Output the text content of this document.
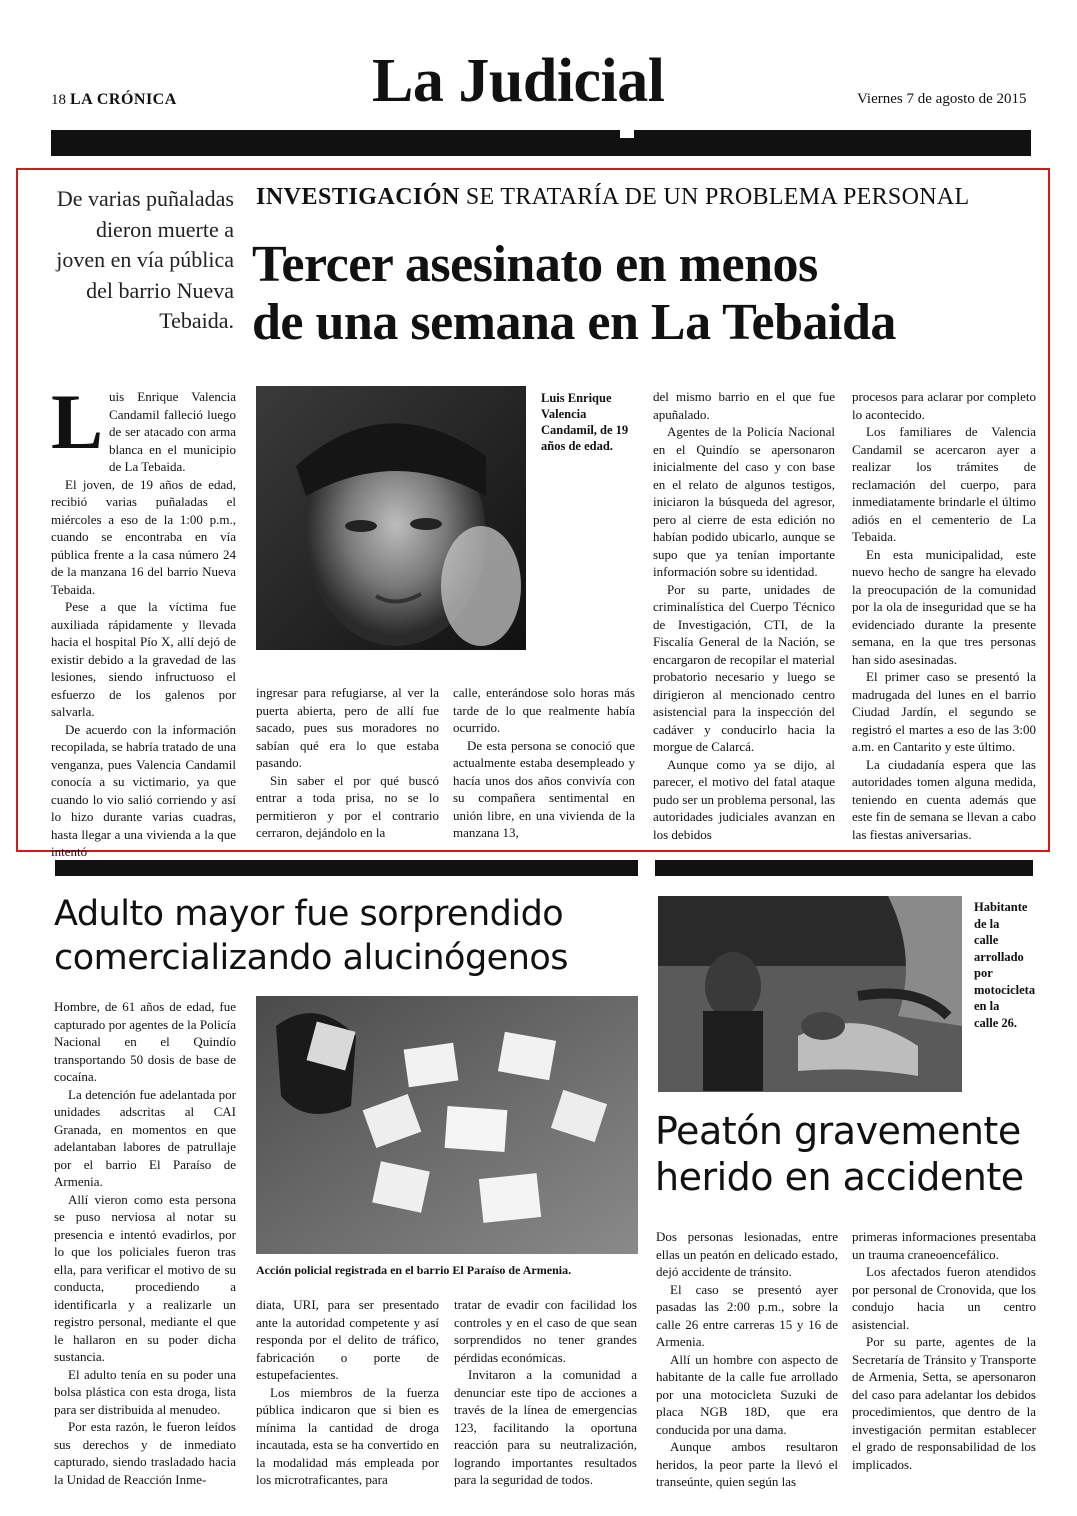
18 LA CRÓNICA	La Judicial	Viernes 7 de agosto de 2015
De varias puñaladas dieron muerte a joven en vía pública del barrio Nueva Tebaida.
INVESTIGACIÓN SE TRATARÍA DE UN PROBLEMA PERSONAL
Tercer asesinato en menos
de una semana en La Tebaida
Luis Enrique Valencia Candamil, de 19 años de edad.
L uis Enrique Valencia Candamil falleció luego de ser atacado con arma blanca en el municipio de La Tebaida.

El joven, de 19 años de edad, recibió varias puñaladas el miércoles a eso de la 1:00 p.m., cuando se encontraba en vía pública frente a la casa número 24 de la manzana 16 del barrio Nueva Tebaida.

Pese a que la víctima fue auxiliada rápidamente y llevada hacia el hospital Pío X, allí dejó de existir debido a la gravedad de las lesiones, siendo infructuoso el esfuerzo de los galenos por salvarla.

De acuerdo con la información recopilada, se habría tratado de una venganza, pues Valencia Candamil conocía a su victimario, ya que cuando lo vio salió corriendo y así lo hizo durante varias cuadras, hasta llegar a una vivienda a la que intentó

ingresar para refugiarse, al ver la puerta abierta, pero de allí fue sacado, pues sus moradores no sabían qué era lo que estaba pasando.

Sin saber el por qué buscó entrar a toda prisa, no se lo permitieron y por el contrario cerraron, dejándolo en la

calle, enterándose solo horas más tarde de lo que realmente había ocurrido.

De esta persona se conoció que actualmente estaba desempleado y hacía unos dos años convivía con su compañera sentimental en unión libre, en una vivienda de la manzana 13,

del mismo barrio en el que fue apuñalado.

Agentes de la Policía Nacional en el Quindío se apersonaron inicialmente del caso y con base en el relato de algunos testigos, iniciaron la búsqueda del agresor, pero al cierre de esta edición no habían podido ubicarlo, aunque se supo que ya tenían importante información sobre su identidad.

Por su parte, unidades de criminalística del Cuerpo Técnico de Investigación, CTI, de la Fiscalía General de la Nación, se encargaron de recopilar el material probatorio necesario y luego se dirigieron al mencionado centro asistencial para la inspección del cadáver y conducirlo hacia la morgue de Calarcá.

Aunque como ya se dijo, al parecer, el motivo del fatal ataque pudo ser un problema personal, las autoridades judiciales avanzan en los debidos

procesos para aclarar por completo lo acontecido.

Los familiares de Valencia Candamil se acercaron ayer a realizar los trámites de reclamación del cuerpo, para inmediatamente brindarle el último adiós en el cementerio de La Tebaida.

En esta municipalidad, este nuevo hecho de sangre ha elevado la preocupación de la comunidad por la ola de inseguridad que se ha evidenciado durante la presente semana, en la que tres personas han sido asesinadas.

El primer caso se presentó la madrugada del lunes en el barrio Ciudad Jardín, el segundo se registró el martes a eso de las 3:00 a.m. en Cantarito y este último.

La ciudadanía espera que las autoridades tomen alguna medida, teniendo en cuenta además que este fin de semana se llevan a cabo las fiestas aniversarias.

Adulto mayor fue sorprendido
comercializando alucinógenos

Hombre, de 61 años de edad, fue capturado por agentes de la Policía Nacional en el Quindío transportando 50 dosis de base de cocaína.

La detención fue adelantada por unidades adscritas al CAI Granada, en momentos en que adelantaban labores de patrullaje por el barrio El Paraíso de Armenia.

Allí vieron como esta persona se puso nerviosa al notar su presencia e intentó evadirlos, por lo que los policiales fueron tras ella, para verificar el motivo de su conducta, procediendo a identificarla y a realizarle un registro personal, mediante el que le hallaron en su poder dicha sustancia.

El adulto tenía en su poder una bolsa plástica con esta droga, lista para ser distribuida al menudeo.

Por esta razón, le fueron leídos sus derechos y de inmediato capturado, siendo trasladado hacia la Unidad de Reacción Inme-

Acción policial registrada en el barrio El Paraíso de Armenia.

diata, URI, para ser presentado ante la autoridad competente y así responda por el delito de tráfico, fabricación o porte de estupefacientes.

Los miembros de la fuerza pública indicaron que si bien es mínima la cantidad de droga incautada, esta se ha convertido en la modalidad más empleada por los microtraficantes, para

tratar de evadir con facilidad los controles y en el caso de que sean sorprendidos no tener grandes pérdidas económicas.

Invitaron a la comunidad a denunciar este tipo de acciones a través de la línea de emergencias 123, facilitando la oportuna reacción para su neutralización, logrando importantes resultados para la seguridad de todos.

Habitante de la calle arrollado por motocicleta en la calle 26.
Peatón gravemente
herido en accidente

Dos personas lesionadas, entre ellas un peatón en delicado estado, dejó accidente de tránsito.

El caso se presentó ayer pasadas las 2:00 p.m., sobre la calle 26 entre carreras 15 y 16 de Armenia.

Allí un hombre con aspecto de habitante de la calle fue arrollado por una motocicleta Suzuki de placa NGB 18D, que era conducida por una dama.

Aunque ambos resultaron heridos, la peor parte la llevó el transeúnte, quien según las

primeras informaciones presentaba un trauma craneoencefálico.

Los afectados fueron atendidos por personal de Cronovida, que los condujo hacia un centro asistencial.

Por su parte, agentes de la Secretaría de Tránsito y Transporte de Armenia, Setta, se apersonaron del caso para adelantar los debidos procedimientos, que dentro de la investigación permitan establecer el grado de responsabilidad de los implicados.
